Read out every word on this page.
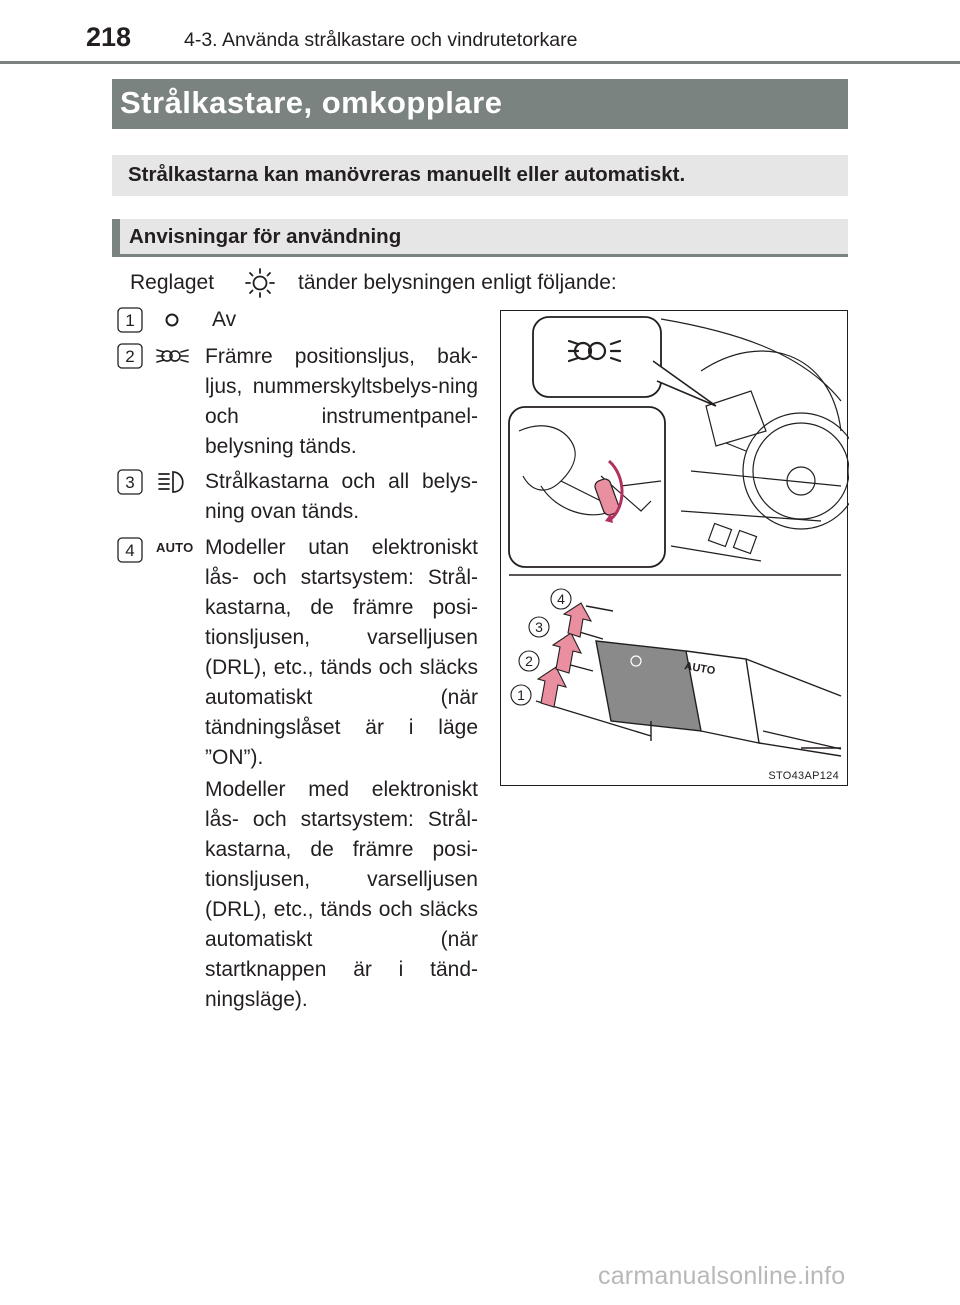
218	4-3. Använda strålkastare och vindrutetorkare
Strålkastare, omkopplare
Strålkastarna kan manövreras manuellt eller automatiskt.
Anvisningar för användning
Reglaget	tänder belysningen enligt följande:
1	Av
2	Främre positionsljus, bak-ljus, nummerskyltsbelys-ning och instrumentpanel-belysning tänds.
3	Strålkastarna och all belys-ning ovan tänds.
4 AUTO Modeller utan elektroniskt lås- och startsystem: Strål-kastarna, de främre posi-tionsljusen, varselljusen (DRL), etc., tänds och släcks automatiskt (när tändningslåset är i läge ”ON”).
Modeller med elektroniskt lås- och startsystem: Strål-kastarna, de främre posi-tionsljusen, varselljusen (DRL), etc., tänds och släcks automatiskt (när startknappen är i tänd-ningsläge).
AUTO
1
2
3
4
STO43AP124
carmanualsonline.info
